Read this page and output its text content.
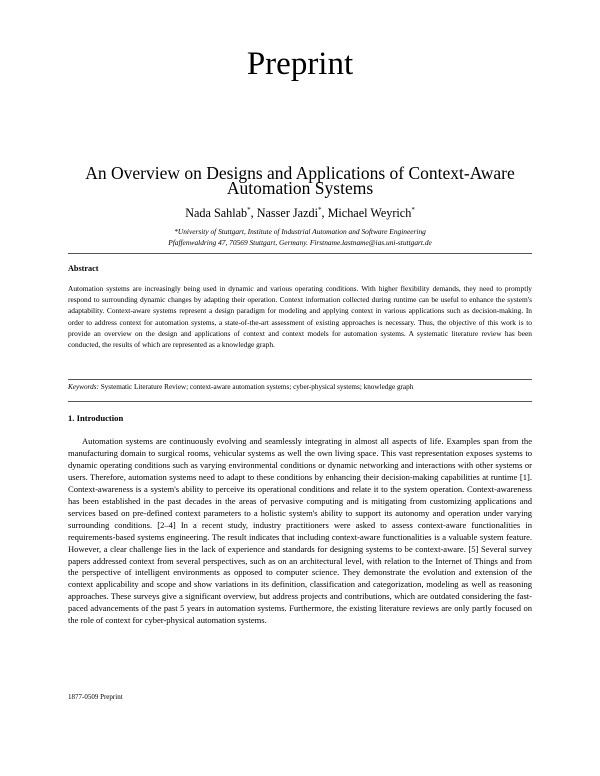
Preprint
An Overview on Designs and Applications of Context-Aware Automation Systems
Nada Sahlab*, Nasser Jazdi*, Michael Weyrich*
*University of Stuttgart, Institute of Industrial Automation and Software Engineering
Pfaffenwaldring 47, 70569 Stuttgart, Germany. Firstname.lastname@ias.uni-stuttgart.de
Abstract
Automation systems are increasingly being used in dynamic and various operating conditions. With higher flexibility demands, they need to promptly respond to surrounding dynamic changes by adapting their operation. Context information collected during runtime can be useful to enhance the system's adaptability. Context-aware systems represent a design paradigm for modeling and applying context in various applications such as decision-making. In order to address context for automation systems, a state-of-the-art assessment of existing approaches is necessary. Thus, the objective of this work is to provide an overview on the design and applications of context and context models for automation systems. A systematic literature review has been conducted, the results of which are represented as a knowledge graph.
Keywords: Systematic Literature Review; context-aware automation systems; cyber-physical systems; knowledge graph
1. Introduction
Automation systems are continuously evolving and seamlessly integrating in almost all aspects of life. Examples span from the manufacturing domain to surgical rooms, vehicular systems as well the own living space. This vast representation exposes systems to dynamic operating conditions such as varying environmental conditions or dynamic networking and interactions with other systems or users. Therefore, automation systems need to adapt to these conditions by enhancing their decision-making capabilities at runtime [1]. Context-awareness is a system's ability to perceive its operational conditions and relate it to the system operation. Context-awareness has been established in the past decades in the areas of pervasive computing and is mitigating from customizing applications and services based on pre-defined context parameters to a holistic system's ability to support its autonomy and operation under varying surrounding conditions. [2–4] In a recent study, industry practitioners were asked to assess context-aware functionalities in requirements-based systems engineering. The result indicates that including context-aware functionalities is a valuable system feature. However, a clear challenge lies in the lack of experience and standards for designing systems to be context-aware. [5] Several survey papers addressed context from several perspectives, such as on an architectural level, with relation to the Internet of Things and from the perspective of intelligent environments as opposed to computer science. They demonstrate the evolution and extension of the context applicability and scope and show variations in its definition, classification and categorization, modeling as well as reasoning approaches. These surveys give a significant overview, but address projects and contributions, which are outdated considering the fast-paced advancements of the past 5 years in automation systems. Furthermore, the existing literature reviews are only partly focused on the role of context for cyber-physical automation systems.
1877-0509 Preprint
